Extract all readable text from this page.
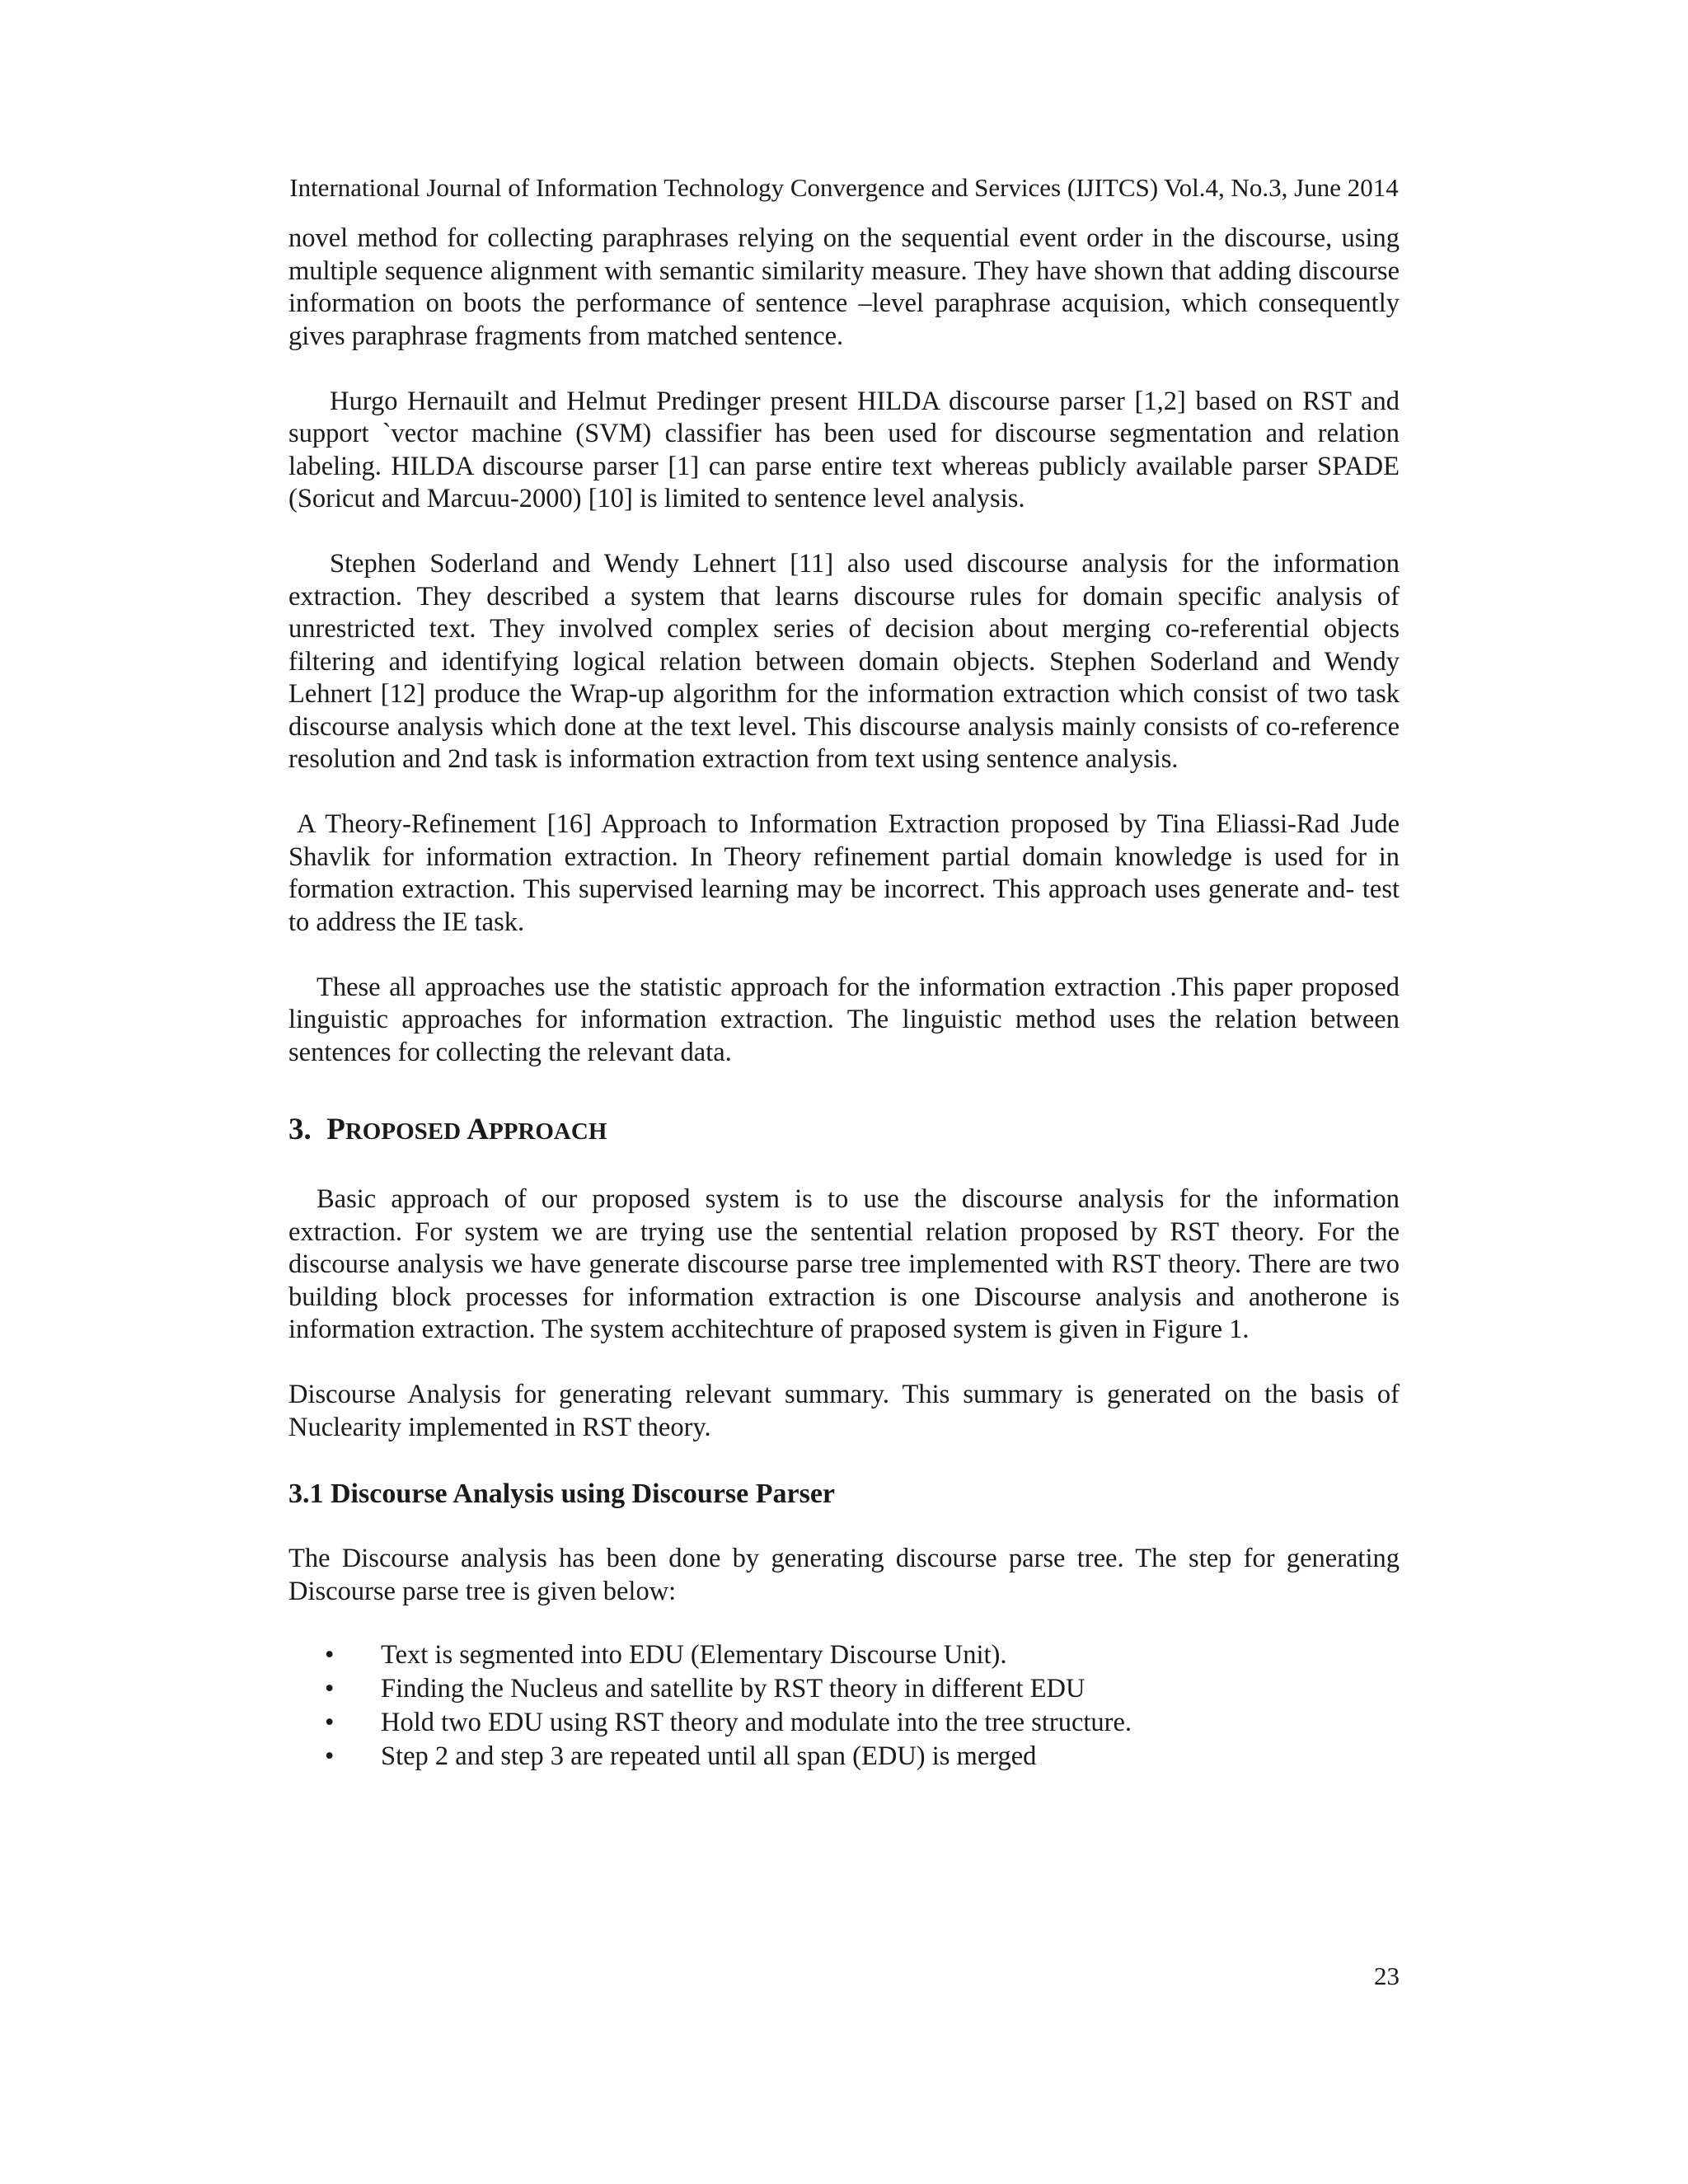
International Journal of Information Technology Convergence and Services (IJITCS) Vol.4, No.3, June 2014

novel method for collecting paraphrases relying on the sequential event order in the discourse, using multiple sequence alignment with semantic similarity measure. They have shown that adding discourse information on boots the performance of sentence –level paraphrase acquision, which consequently gives paraphrase fragments from matched sentence.

Hurgo Hernauilt and Helmut Predinger present HILDA discourse parser [1,2] based on RST and support `vector machine (SVM) classifier has been used for discourse segmentation and relation labeling. HILDA discourse parser [1] can parse entire text whereas publicly available parser SPADE (Soricut and Marcuu-2000) [10] is limited to sentence level analysis.

Stephen Soderland and Wendy Lehnert [11] also used discourse analysis for the information extraction. They described a system that learns discourse rules for domain specific analysis of unrestricted text. They involved complex series of decision about merging co-referential objects filtering and identifying logical relation between domain objects. Stephen Soderland and Wendy Lehnert [12] produce the Wrap-up algorithm for the information extraction which consist of two task discourse analysis which done at the text level. This discourse analysis mainly consists of co-reference resolution and 2nd task is information extraction from text using sentence analysis.

A Theory-Refinement [16] Approach to Information Extraction proposed by Tina Eliassi-Rad Jude Shavlik for information extraction. In Theory refinement partial domain knowledge is used for in formation extraction. This supervised learning may be incorrect. This approach uses generate and- test to address the IE task.

These all approaches use the statistic approach for the information extraction .This paper proposed linguistic approaches for information extraction. The linguistic method uses the relation between sentences for collecting the relevant data.

3. PROPOSED APPROACH

Basic approach of our proposed system is to use the discourse analysis for the information extraction. For system we are trying use the sentential relation proposed by RST theory. For the discourse analysis we have generate discourse parse tree implemented with RST theory. There are two building block processes for information extraction is one Discourse analysis and anotherone is information extraction. The system acchitechture of praposed system is given in Figure 1.

Discourse Analysis for generating relevant summary. This summary is generated on the basis of Nuclearity implemented in RST theory.

3.1 Discourse Analysis using Discourse Parser

The Discourse analysis has been done by generating discourse parse tree. The step for generating Discourse parse tree is given below:

• Text is segmented into EDU (Elementary Discourse Unit).
• Finding the Nucleus and satellite by RST theory in different EDU
• Hold two EDU using RST theory and modulate into the tree structure.
• Step 2 and step 3 are repeated until all span (EDU) is merged
23
